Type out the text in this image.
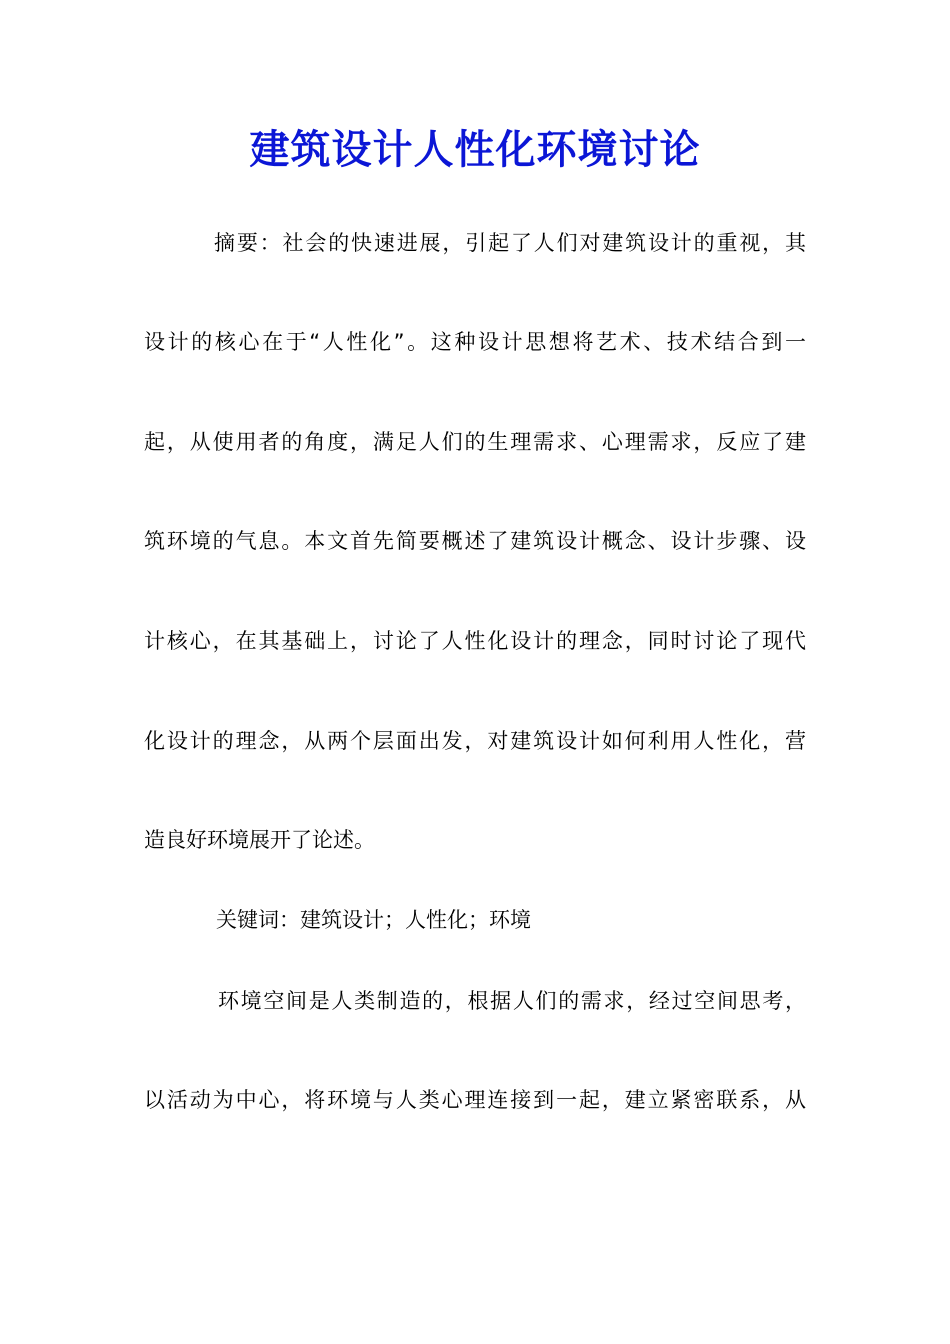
建筑设计人性化环境讨论
摘要：社会的快速进展，引起了人们对建筑设计的重视，其
设计的核心在于“人性化”。这种设计思想将艺术、技术结合到一
起，从使用者的角度，满足人们的生理需求、心理需求，反应了建
筑环境的气息。本文首先简要概述了建筑设计概念、设计步骤、设
计核心，在其基础上，讨论了人性化设计的理念，同时讨论了现代
化设计的理念，从两个层面出发，对建筑设计如何利用人性化，营
造良好环境展开了论述。
关键词：建筑设计；人性化；环境
环境空间是人类制造的，根据人们的需求，经过空间思考，
以活动为中心，将环境与人类心理连接到一起，建立紧密联系，从
